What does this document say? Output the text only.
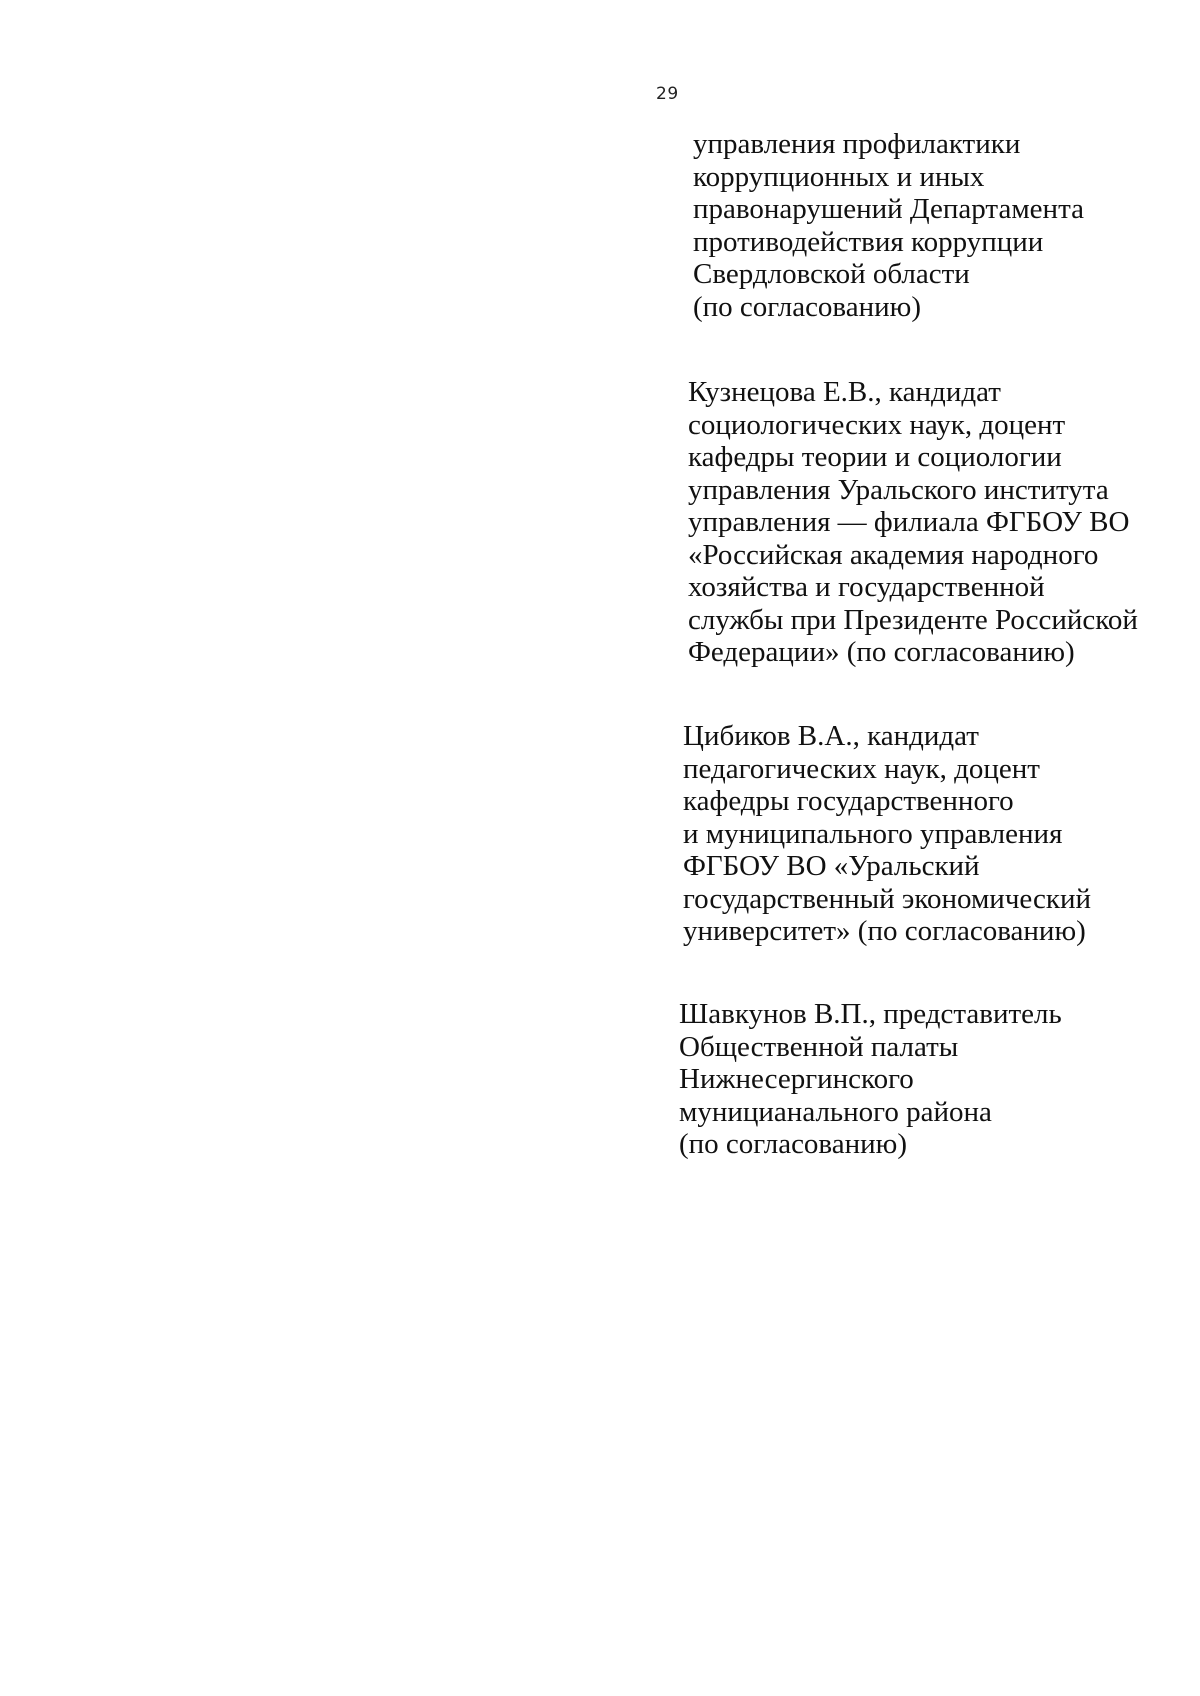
29
управления профилактики
коррупционных и иных
правонарушений Департамента
противодействия коррупции
Свердловской области
(по согласованию)
Кузнецова Е.В., кандидат
социологических наук, доцент
кафедры теории и социологии
управления Уральского института
управления — филиала ФГБОУ ВО
«Российская академия народного
хозяйства и государственной
службы при Президенте Российской
Федерации» (по согласованию)
Цибиков В.А., кандидат
педагогических наук, доцент
кафедры государственного
и муниципального управления
ФГБОУ ВО «Уральский
государственный экономический
университет» (по согласованию)
Шавкунов В.П., представитель
Общественной палаты
Нижнесергинского
муницианального района
(по согласованию)
